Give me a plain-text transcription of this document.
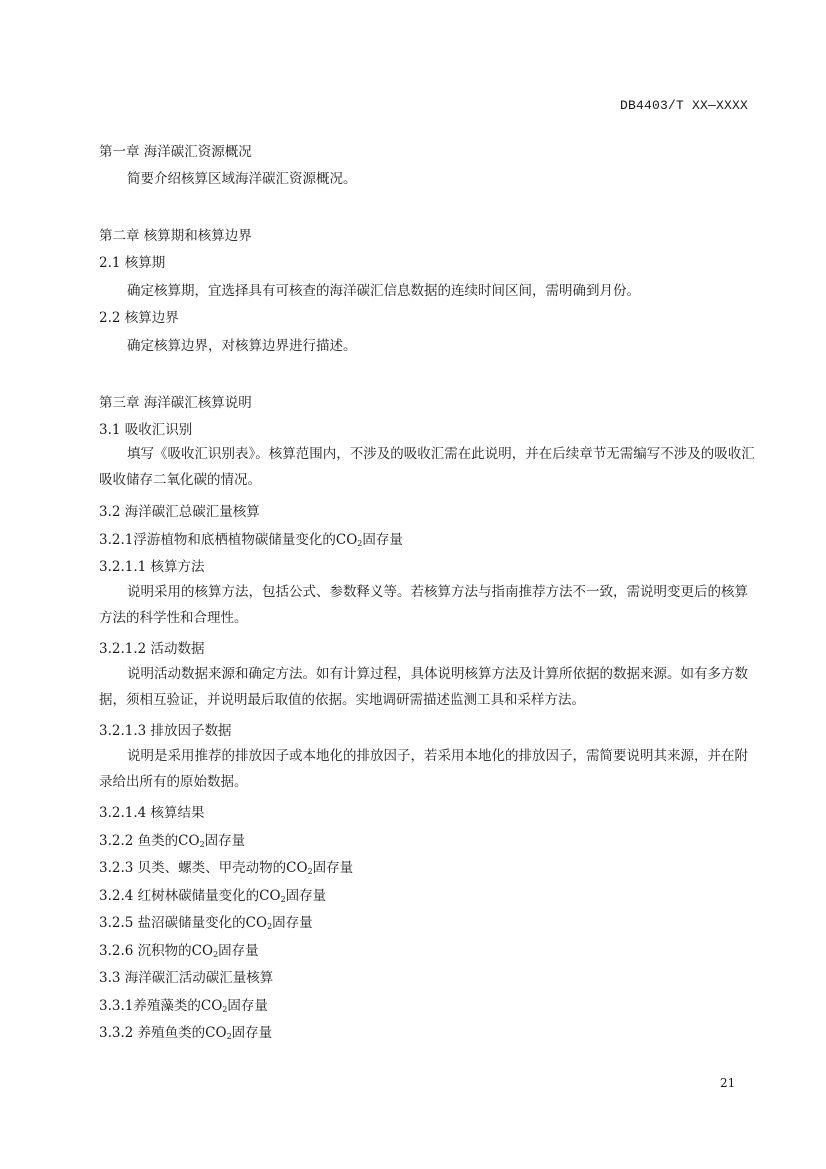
DB4403/T XX—XXXX
第一章 海洋碳汇资源概况
简要介绍核算区域海洋碳汇资源概况。
第二章 核算期和核算边界
2.1 核算期
确定核算期，宜选择具有可核查的海洋碳汇信息数据的连续时间区间，需明确到月份。
2.2 核算边界
确定核算边界，对核算边界进行描述。
第三章 海洋碳汇核算说明
3.1 吸收汇识别
填写《吸收汇识别表》。核算范围内，不涉及的吸收汇需在此说明，并在后续章节无需编写不涉及的吸收汇吸收储存二氧化碳的情况。
3.2 海洋碳汇总碳汇量核算
3.2.1浮游植物和底栖植物碳储量变化的$CO_2$固存量
3.2.1.1 核算方法
说明采用的核算方法，包括公式、参数释义等。若核算方法与指南推荐方法不一致，需说明变更后的核算方法的科学性和合理性。
3.2.1.2 活动数据
说明活动数据来源和确定方法。如有计算过程，具体说明核算方法及计算所依据的数据来源。如有多方数据，须相互验证，并说明最后取值的依据。实地调研需描述监测工具和采样方法。
3.2.1.3 排放因子数据
说明是采用推荐的排放因子或本地化的排放因子，若采用本地化的排放因子，需简要说明其来源，并在附录给出所有的原始数据。
3.2.1.4 核算结果
3.2.2 鱼类的$CO_2$固存量
3.2.3 贝类、螺类、甲壳动物的$CO_2$固存量
3.2.4 红树林碳储量变化的$CO_2$固存量
3.2.5 盐沼碳储量变化的$CO_2$固存量
3.2.6 沉积物的$CO_2$固存量
3.3 海洋碳汇活动碳汇量核算
3.3.1养殖藻类的$CO_2$固存量
3.3.2 养殖鱼类的$CO_2$固存量
21
